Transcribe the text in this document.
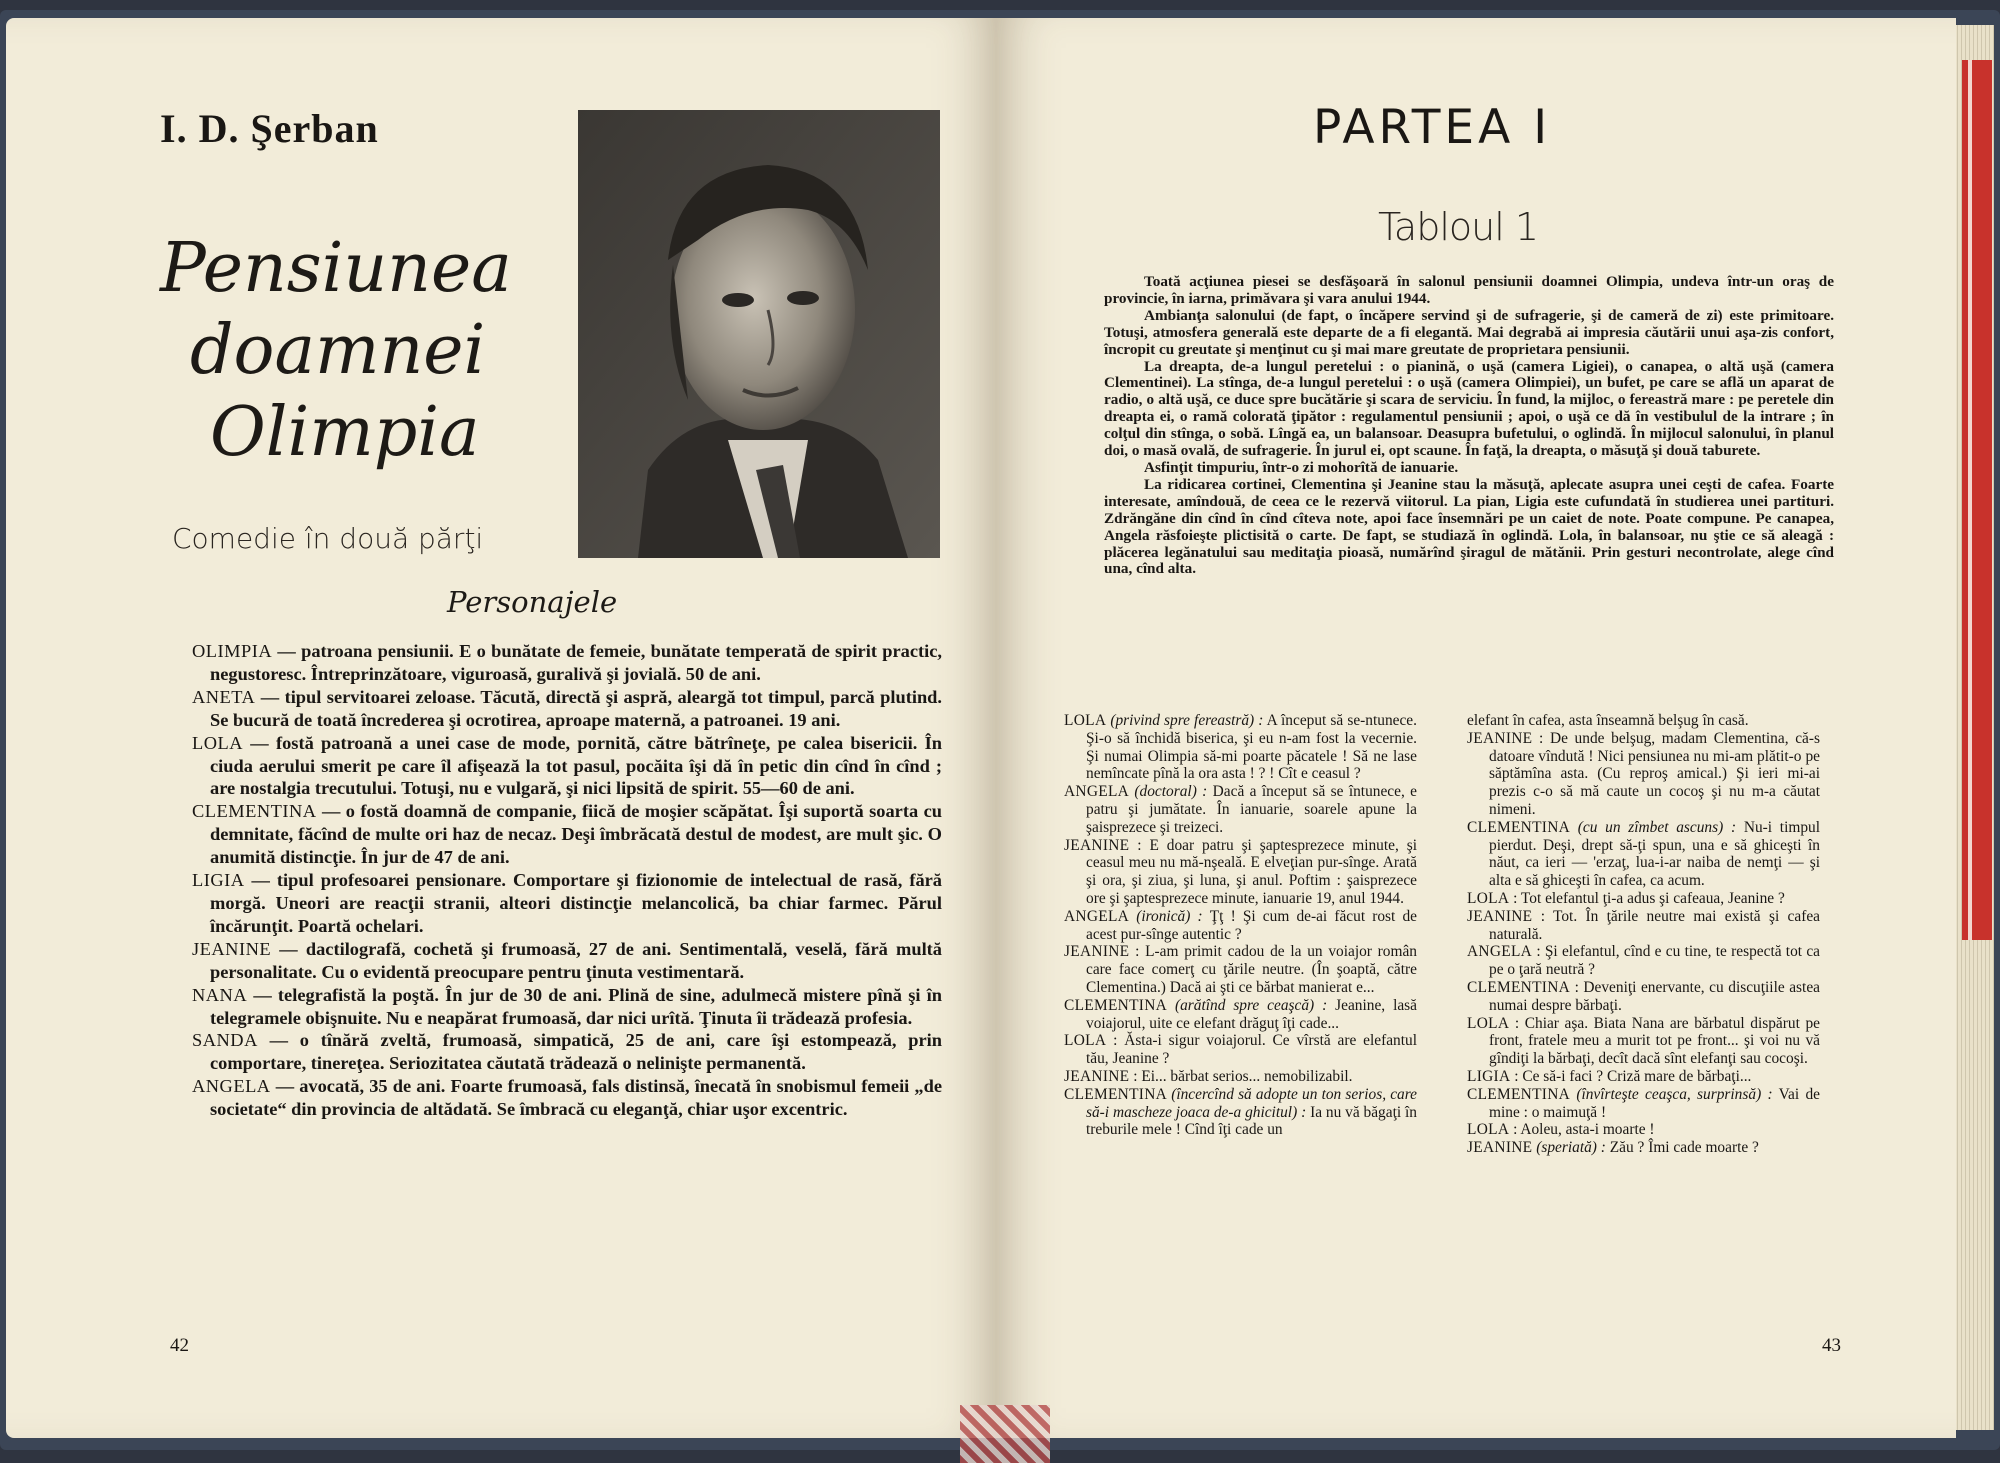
I. D. Şerban
Pensiunea
doamnei
Olimpia
Comedie în două părţi
Personajele

OLIMPIA — patroana pensiunii. E o bunătate de femeie, bunătate temperată de spirit practic, negustoresc. Întreprinzătoare, viguroasă, guralivă şi jovială. 50 de ani.

ANETA — tipul servitoarei zeloase. Tăcută, directă şi aspră, aleargă tot timpul, parcă plutind. Se bucură de toată încrederea şi ocrotirea, aproape maternă, a patroanei. 19 ani.

LOLA — fostă patroană a unei case de mode, pornită, către bătrîneţe, pe calea bisericii. În ciuda aerului smerit pe care îl afişează la tot pasul, pocăita îşi dă în petic din cînd în cînd ; are nostalgia trecutului. Totuşi, nu e vulgară, şi nici lipsită de spirit. 55—60 de ani.

CLEMENTINA — o fostă doamnă de companie, fiică de moşier scăpătat. Îşi suportă soarta cu demnitate, făcînd de multe ori haz de necaz. Deşi îmbrăcată destul de modest, are mult şic. O anumită distincţie. În jur de 47 de ani.

LIGIA — tipul profesoarei pensionare. Comportare şi fizionomie de intelectual de rasă, fără morgă. Uneori are reacţii stranii, alteori distincţie melancolică, ba chiar farmec. Părul încărunţit. Poartă ochelari.

JEANINE — dactilografă, cochetă şi frumoasă, 27 de ani. Sentimentală, veselă, fără multă personalitate. Cu o evidentă preocupare pentru ţinuta vestimentară.

NANA — telegrafistă la poştă. În jur de 30 de ani. Plină de sine, adulmecă mistere pînă şi în telegramele obişnuite. Nu e neapărat frumoasă, dar nici urîtă. Ţinuta îi trădează profesia.

SANDA — o tînără zveltă, frumoasă, simpatică, 25 de ani, care îşi estompează, prin comportare, tinereţea. Seriozitatea căutată trădează o nelinişte permanentă.

ANGELA — avocată, 35 de ani. Foarte frumoasă, fals distinsă, înecată în snobismul femeii „de societate“ din provincia de altădată. Se îmbracă cu eleganţă, chiar uşor excentric.

42
PARTEA I
Tabloul 1

Toată acţiunea piesei se desfăşoară în salonul pensiunii doamnei Olimpia, undeva într-un oraş de provincie, în iarna, primăvara şi vara anului 1944.

Ambianţa salonului (de fapt, o încăpere servind şi de sufragerie, şi de cameră de zi) este primitoare. Totuşi, atmosfera generală este departe de a fi elegantă. Mai degrabă ai impresia căutării unui aşa-zis confort, încropit cu greutate şi menţinut cu şi mai mare greutate de proprietara pensiunii.

La dreapta, de-a lungul peretelui : o pianină, o uşă (camera Ligiei), o canapea, o altă uşă (camera Clementinei). La stînga, de-a lungul peretelui : o uşă (camera Olimpiei), un bufet, pe care se află un aparat de radio, o altă uşă, ce duce spre bucătărie şi scara de serviciu. În fund, la mijloc, o fereastră mare : pe peretele din dreapta ei, o ramă colorată ţipător : regulamentul pensiunii ; apoi, o uşă ce dă în vestibulul de la intrare ; în colţul din stînga, o sobă. Lîngă ea, un balansoar. Deasupra bufetului, o oglindă. În mijlocul salonului, în planul doi, o masă ovală, de sufragerie. În jurul ei, opt scaune. În faţă, la dreapta, o măsuţă şi două taburete.

Asfinţit timpuriu, într-o zi mohorîtă de ianuarie.

La ridicarea cortinei, Clementina şi Jeanine stau la măsuţă, aplecate asupra unei ceşti de cafea. Foarte interesate, amîndouă, de ceea ce le rezervă viitorul. La pian, Ligia este cufundată în studierea unei partituri. Zdrăngăne din cînd în cînd cîteva note, apoi face însemnări pe un caiet de note. Poate compune. Pe canapea, Angela răsfoieşte plictisită o carte. De fapt, se studiază în oglindă. Lola, în balansoar, nu ştie ce să aleagă : plăcerea legănatului sau meditaţia pioasă, numărînd şiragul de mătănii. Prin gesturi necontrolate, alege cînd una, cînd alta.

LOLA (privind spre fereastră) : A început să se-ntunece. Şi-o să închidă biserica, şi eu n-am fost la vecernie. Şi numai Olimpia să-mi poarte păcatele ! Să ne lase nemîncate pînă la ora asta ! ? ! Cît e ceasul ?

ANGELA (doctoral) : Dacă a început să se întunece, e patru şi jumătate. În ianuarie, soarele apune la şaisprezece şi treizeci.

JEANINE : E doar patru şi şaptesprezece minute, şi ceasul meu nu mă-nşeală. E elveţian pur-sînge. Arată şi ora, şi ziua, şi luna, şi anul. Poftim : şaisprezece ore şi şaptesprezece minute, ianuarie 19, anul 1944.

ANGELA (ironică) : Ţţ ! Şi cum de-ai făcut rost de acest pur-sînge autentic ?

JEANINE : L-am primit cadou de la un voiajor român care face comerţ cu ţările neutre. (În şoaptă, către Clementina.) Dacă ai şti ce bărbat manierat e...

CLEMENTINA (arătînd spre ceaşcă) : Jeanine, lasă voiajorul, uite ce elefant drăguţ îţi cade...

LOLA : Ăsta-i sigur voiajorul. Ce vîrstă are elefantul tău, Jeanine ?

JEANINE : Ei... bărbat serios... nemobilizabil.

CLEMENTINA (încercînd să adopte un ton serios, care să-i mascheze joaca de-a ghicitul) : Ia nu vă băgaţi în treburile mele ! Cînd îţi cade un

elefant în cafea, asta înseamnă belşug în casă.

JEANINE : De unde belşug, madam Clementina, că-s datoare vîndută ! Nici pensiunea nu mi-am plătit-o pe săptămîna asta. (Cu reproş amical.) Şi ieri mi-ai prezis c-o să mă caute un cocoş şi nu m-a căutat nimeni.

CLEMENTINA (cu un zîmbet ascuns) : Nu-i timpul pierdut. Deşi, drept să-ţi spun, una e să ghiceşti în năut, ca ieri — 'erzaţ, lua-i-ar naiba de nemţi — şi alta e să ghiceşti în cafea, ca acum.

LOLA : Tot elefantul ţi-a adus şi cafeaua, Jeanine ?

JEANINE : Tot. În ţările neutre mai există şi cafea naturală.

ANGELA : Şi elefantul, cînd e cu tine, te respectă tot ca pe o ţară neutră ?

CLEMENTINA : Deveniţi enervante, cu discuţiile astea numai despre bărbaţi.

LOLA : Chiar aşa. Biata Nana are bărbatul dispărut pe front, fratele meu a murit tot pe front... şi voi nu vă gîndiţi la bărbaţi, decît dacă sînt elefanţi sau cocoşi.

LIGIA : Ce să-i faci ? Criză mare de bărbaţi...

CLEMENTINA (învîrteşte ceaşca, surprinsă) : Vai de mine : o maimuţă !

LOLA : Aoleu, asta-i moarte !

JEANINE (speriată) : Zău ? Îmi cade moarte ?

43
